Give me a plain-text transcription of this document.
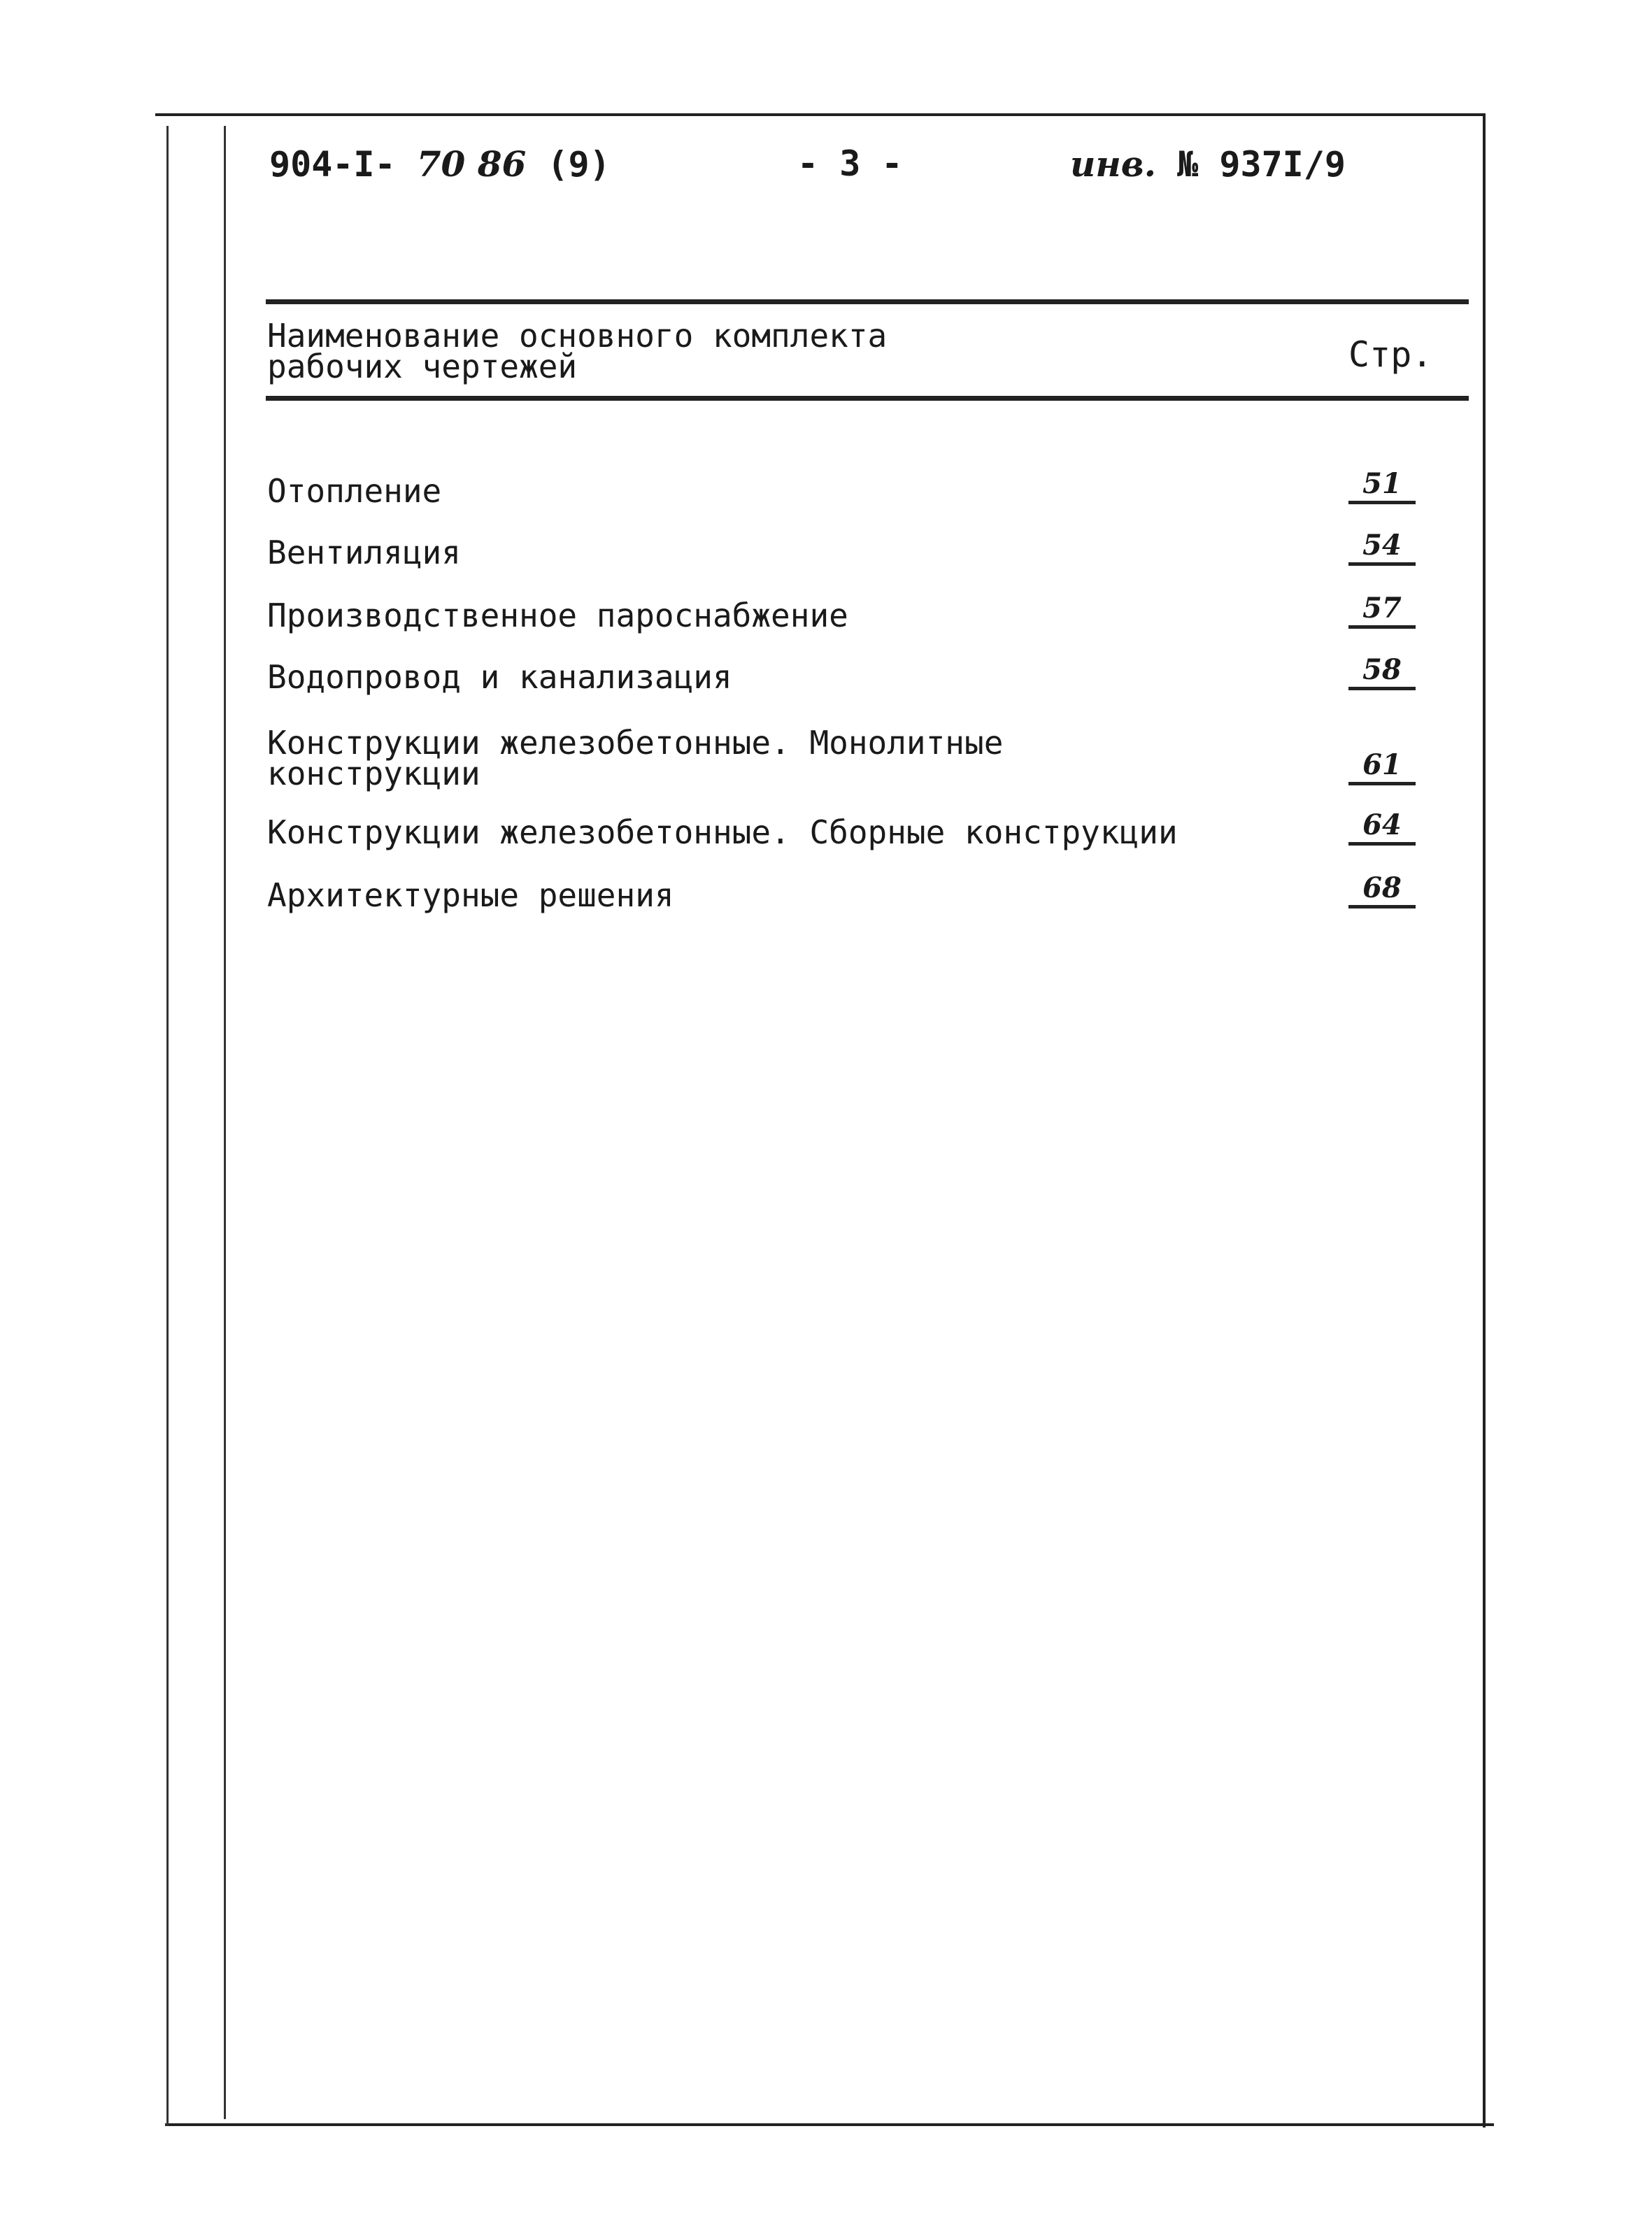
904-I- 70 86 (9)	- 3 -	инв. № 937I/9
Наименование основного комплекта
рабочих чертежей	Стр.
Отопление	51
Вентиляция	54
Производственное пароснабжение	57
Водопровод и канализация	58
Конструкции железобетонные. Монолитные
конструкции	61
Конструкции железобетонные. Сборные конструкции	64
Архитектурные решения	68
